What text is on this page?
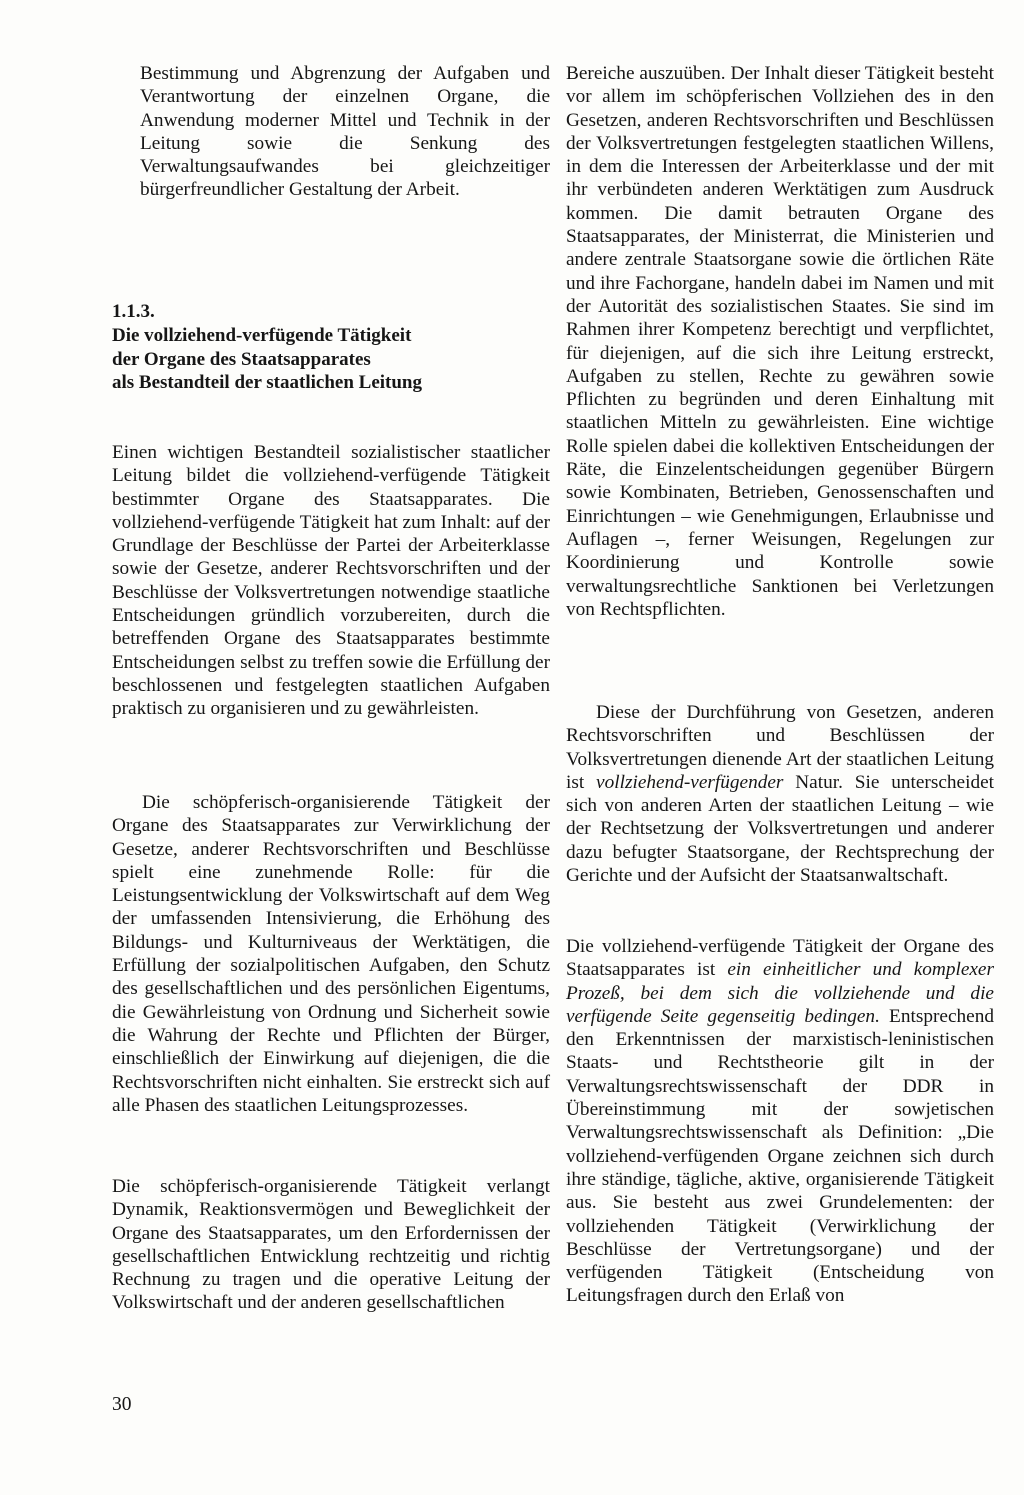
Bestimmung und Abgrenzung der Aufgaben und Verantwortung der einzelnen Organe, die Anwendung moderner Mittel und Technik in der Leitung sowie die Senkung des Verwaltungsaufwandes bei gleichzeitiger bürgerfreundlicher Gestaltung der Arbeit.

1.1.3.
Die vollziehend-verfügende Tätigkeit
der Organe des Staatsapparates
als Bestandteil der staatlichen Leitung

Einen wichtigen Bestandteil sozialistischer staatlicher Leitung bildet die vollziehend-verfügende Tätigkeit bestimmter Organe des Staatsapparates. Die vollziehend-verfügende Tätigkeit hat zum Inhalt: auf der Grundlage der Beschlüsse der Partei der Arbeiterklasse sowie der Gesetze, anderer Rechtsvorschriften und der Beschlüsse der Volksvertretungen notwendige staatliche Entscheidungen gründlich vorzubereiten, durch die betreffenden Organe des Staatsapparates bestimmte Entscheidungen selbst zu treffen sowie die Erfüllung der beschlossenen und festgelegten staatlichen Aufgaben praktisch zu organisieren und zu gewährleisten.

Die schöpferisch-organisierende Tätigkeit der Organe des Staatsapparates zur Verwirklichung der Gesetze, anderer Rechtsvorschriften und Beschlüsse spielt eine zunehmende Rolle: für die Leistungsentwicklung der Volkswirtschaft auf dem Weg der umfassenden Intensivierung, die Erhöhung des Bildungs- und Kulturniveaus der Werktätigen, die Erfüllung der sozialpolitischen Aufgaben, den Schutz des gesellschaftlichen und des persönlichen Eigentums, die Gewährleistung von Ordnung und Sicherheit sowie die Wahrung der Rechte und Pflichten der Bürger, einschließlich der Einwirkung auf diejenigen, die die Rechtsvorschriften nicht einhalten. Sie erstreckt sich auf alle Phasen des staatlichen Leitungsprozesses.

Die schöpferisch-organisierende Tätigkeit verlangt Dynamik, Reaktionsvermögen und Beweglichkeit der Organe des Staatsapparates, um den Erfordernissen der gesellschaftlichen Entwicklung rechtzeitig und richtig Rechnung zu tragen und die operative Leitung der Volkswirtschaft und der anderen gesellschaftlichen

Bereiche auszuüben. Der Inhalt dieser Tätigkeit besteht vor allem im schöpferischen Vollziehen des in den Gesetzen, anderen Rechtsvorschriften und Beschlüssen der Volksvertretungen festgelegten staatlichen Willens, in dem die Interessen der Arbeiterklasse und der mit ihr verbündeten anderen Werktätigen zum Ausdruck kommen. Die damit betrauten Organe des Staatsapparates, der Ministerrat, die Ministerien und andere zentrale Staatsorgane sowie die örtlichen Räte und ihre Fachorgane, handeln dabei im Namen und mit der Autorität des sozialistischen Staates. Sie sind im Rahmen ihrer Kompetenz berechtigt und verpflichtet, für diejenigen, auf die sich ihre Leitung erstreckt, Aufgaben zu stellen, Rechte zu gewähren sowie Pflichten zu begründen und deren Einhaltung mit staatlichen Mitteln zu gewährleisten. Eine wichtige Rolle spielen dabei die kollektiven Entscheidungen der Räte, die Einzelentscheidungen gegenüber Bürgern sowie Kombinaten, Betrieben, Genossenschaften und Einrichtungen – wie Genehmigungen, Erlaubnisse und Auflagen –, ferner Weisungen, Regelungen zur Koordinierung und Kontrolle sowie verwaltungsrechtliche Sanktionen bei Verletzungen von Rechtspflichten.

Diese der Durchführung von Gesetzen, anderen Rechtsvorschriften und Beschlüssen der Volksvertretungen dienende Art der staatlichen Leitung ist vollziehend-verfügender Natur. Sie unterscheidet sich von anderen Arten der staatlichen Leitung – wie der Rechtsetzung der Volksvertretungen und anderer dazu befugter Staatsorgane, der Rechtsprechung der Gerichte und der Aufsicht der Staatsanwaltschaft.

Die vollziehend-verfügende Tätigkeit der Organe des Staatsapparates ist ein einheitlicher und komplexer Prozeß, bei dem sich die vollziehende und die verfügende Seite gegenseitig bedingen. Entsprechend den Erkenntnissen der marxistisch-leninistischen Staats- und Rechtstheorie gilt in der Verwaltungsrechtswissenschaft der DDR in Übereinstimmung mit der sowjetischen Verwaltungsrechtswissenschaft als Definition: „Die vollziehend-verfügenden Organe zeichnen sich durch ihre ständige, tägliche, aktive, organisierende Tätigkeit aus. Sie besteht aus zwei Grundelementen: der vollziehenden Tätigkeit (Verwirklichung der Beschlüsse der Vertretungsorgane) und der verfügenden Tätigkeit (Entscheidung von Leitungsfragen durch den Erlaß von

30
